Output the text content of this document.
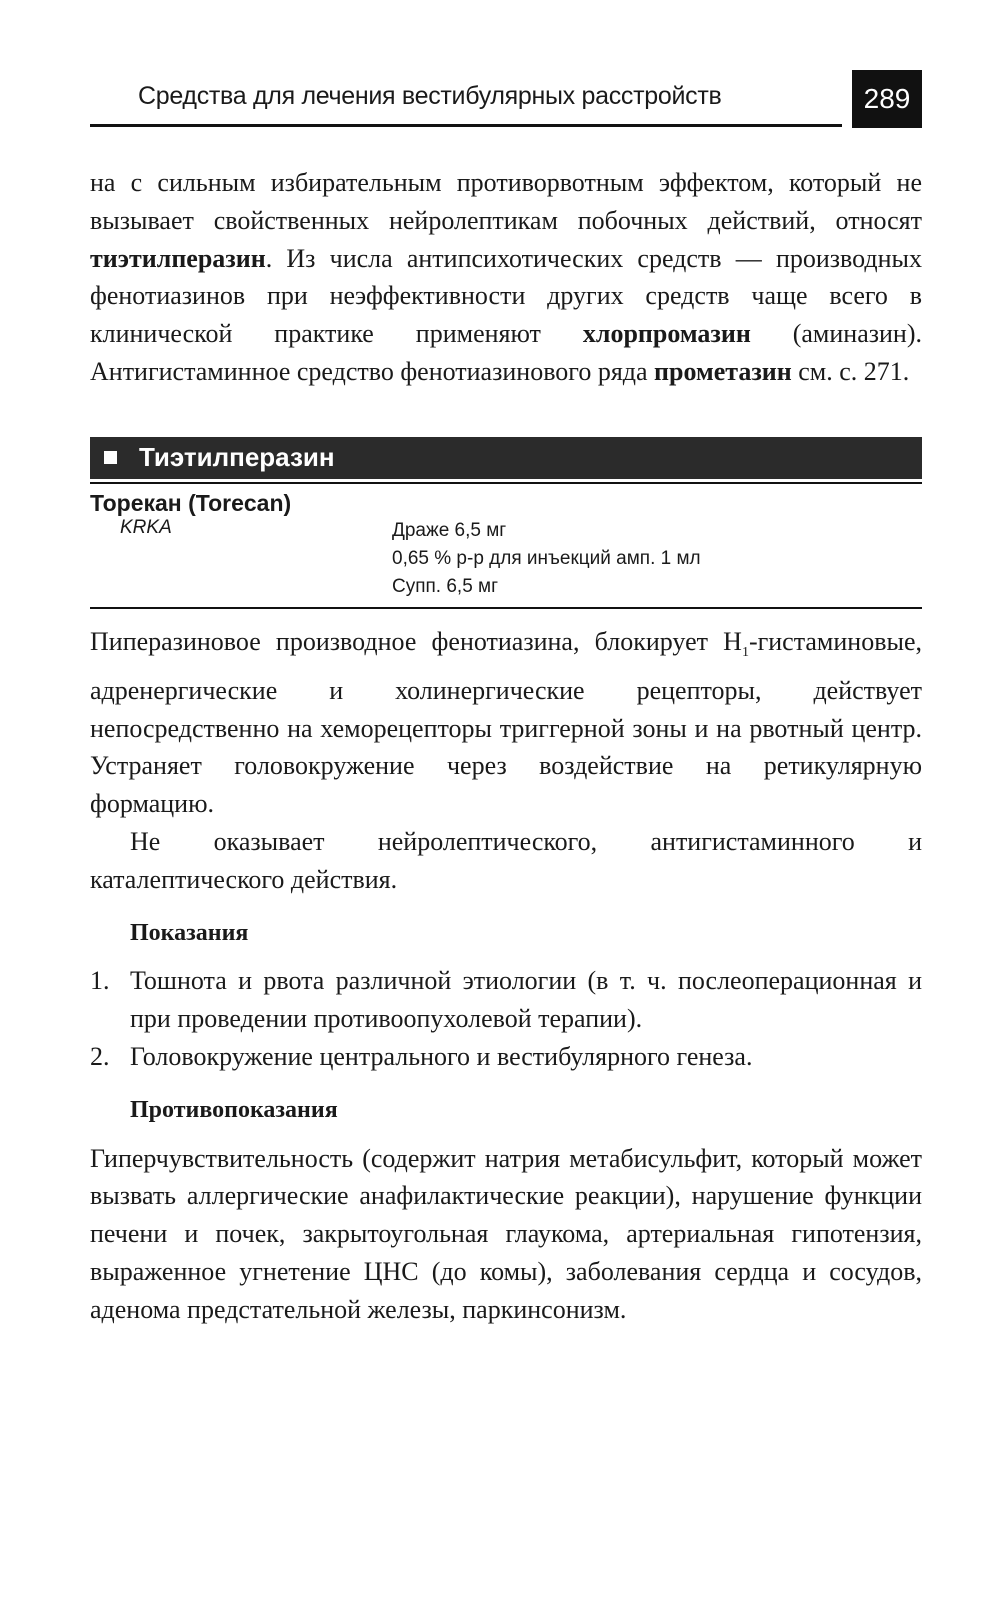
Средства для лечения вестибулярных расстройств	289

на с сильным избирательным противорвотным эффектом, который не вызывает свойственных нейролептикам побочных действий, относят тиэтилперазин. Из числа антипсихотических средств — производных фенотиазинов при неэффективности других средств чаще всего в клинической практике применяют хлорпромазин (аминазин). Антигистаминное средство фенотиазинового ряда прометазин см. с. 271.

Тиэтилперазин
Торекан (Torecan)
KRKA	Драже 6,5 мг
0,65 % р-р для инъекций амп. 1 мл
Супп. 6,5 мг

Пиперазиновое производное фенотиазина, блокирует $H_1$-гистаминовые, адренергические и холинергические рецепторы, действует непосредственно на хеморецепторы триггерной зоны и на рвотный центр. Устраняет головокружение через воздействие на ретикулярную формацию.

Не оказывает нейролептического, антигистаминного и каталептического действия.

Показания
1. Тошнота и рвота различной этиологии (в т. ч. послеоперационная и при проведении противоопухолевой терапии).
2. Головокружение центрального и вестибулярного генеза.
Противопоказания

Гиперчувствительность (содержит натрия метабисульфит, который может вызвать аллергические анафилактические реакции), нарушение функции печени и почек, закрытоугольная глаукома, артериальная гипотензия, выраженное угнетение ЦНС (до комы), заболевания сердца и сосудов, аденома предстательной железы, паркинсонизм.
